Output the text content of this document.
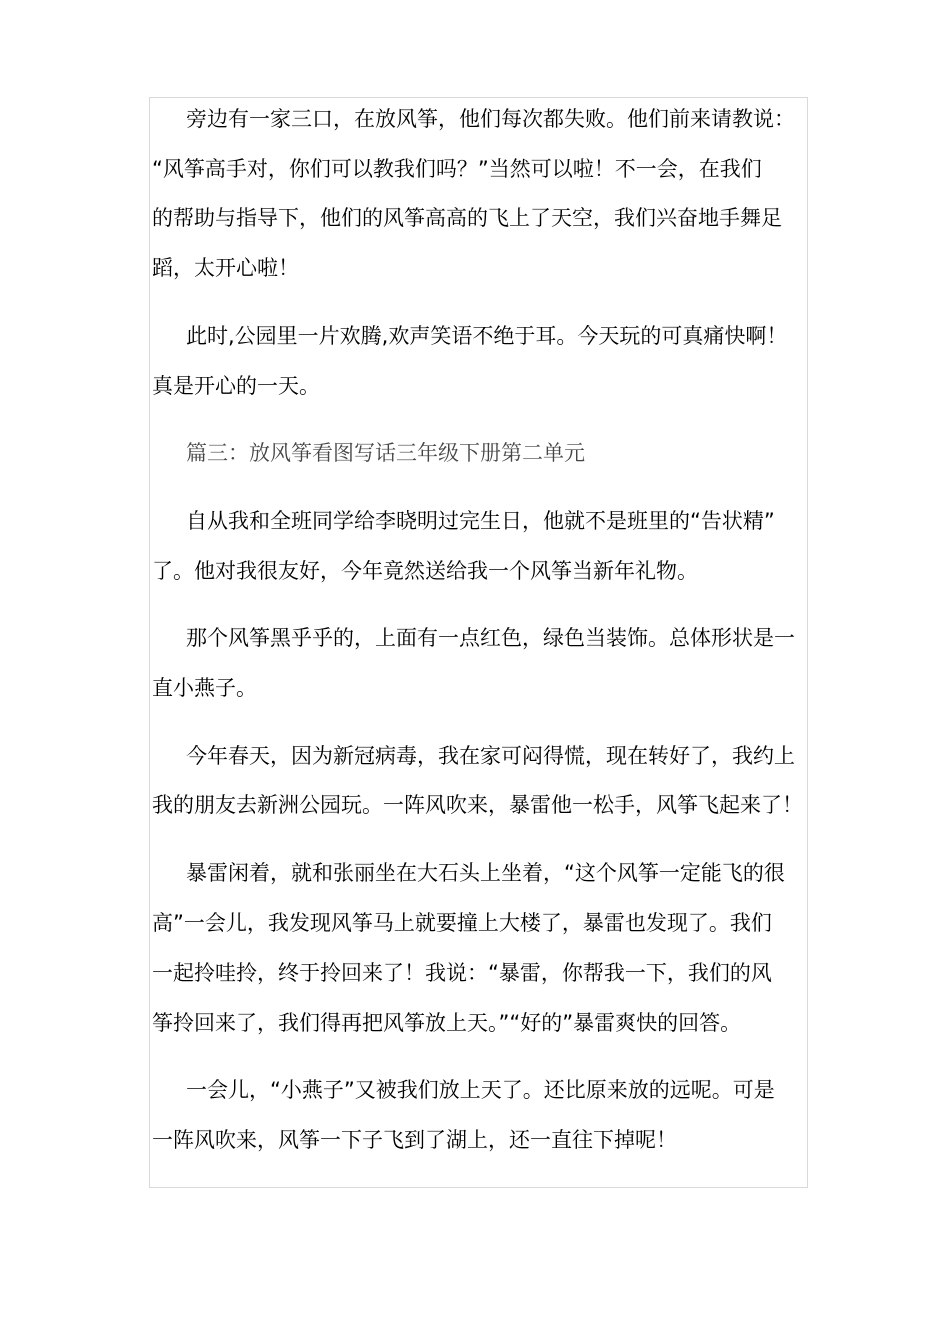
旁边有一家三口，在放风筝，他们每次都失败。他们前来请教说：

“风筝高手对，你们可以教我们吗？”当然可以啦！不一会，在我们

的帮助与指导下，他们的风筝高高的飞上了天空，我们兴奋地手舞足

蹈，太开心啦！

此时,公园里一片欢腾,欢声笑语不绝于耳。今天玩的可真痛快啊！

真是开心的一天。

篇三：放风筝看图写话三年级下册第二单元

自从我和全班同学给李晓明过完生日，他就不是班里的“告状精”

了。他对我很友好，今年竟然送给我一个风筝当新年礼物。

那个风筝黑乎乎的，上面有一点红色，绿色当装饰。总体形状是一

直小燕子。

今年春天，因为新冠病毒，我在家可闷得慌，现在转好了，我约上

我的朋友去新洲公园玩。一阵风吹来，暴雷他一松手，风筝飞起来了！

暴雷闲着，就和张丽坐在大石头上坐着，“这个风筝一定能飞的很

高”一会儿，我发现风筝马上就要撞上大楼了，暴雷也发现了。我们

一起拎哇拎，终于拎回来了！我说：“暴雷，你帮我一下，我们的风

筝拎回来了，我们得再把风筝放上天。”“好的”暴雷爽快的回答。

一会儿，“小燕子”又被我们放上天了。还比原来放的远呢。可是

一阵风吹来，风筝一下子飞到了湖上，还一直往下掉呢！
